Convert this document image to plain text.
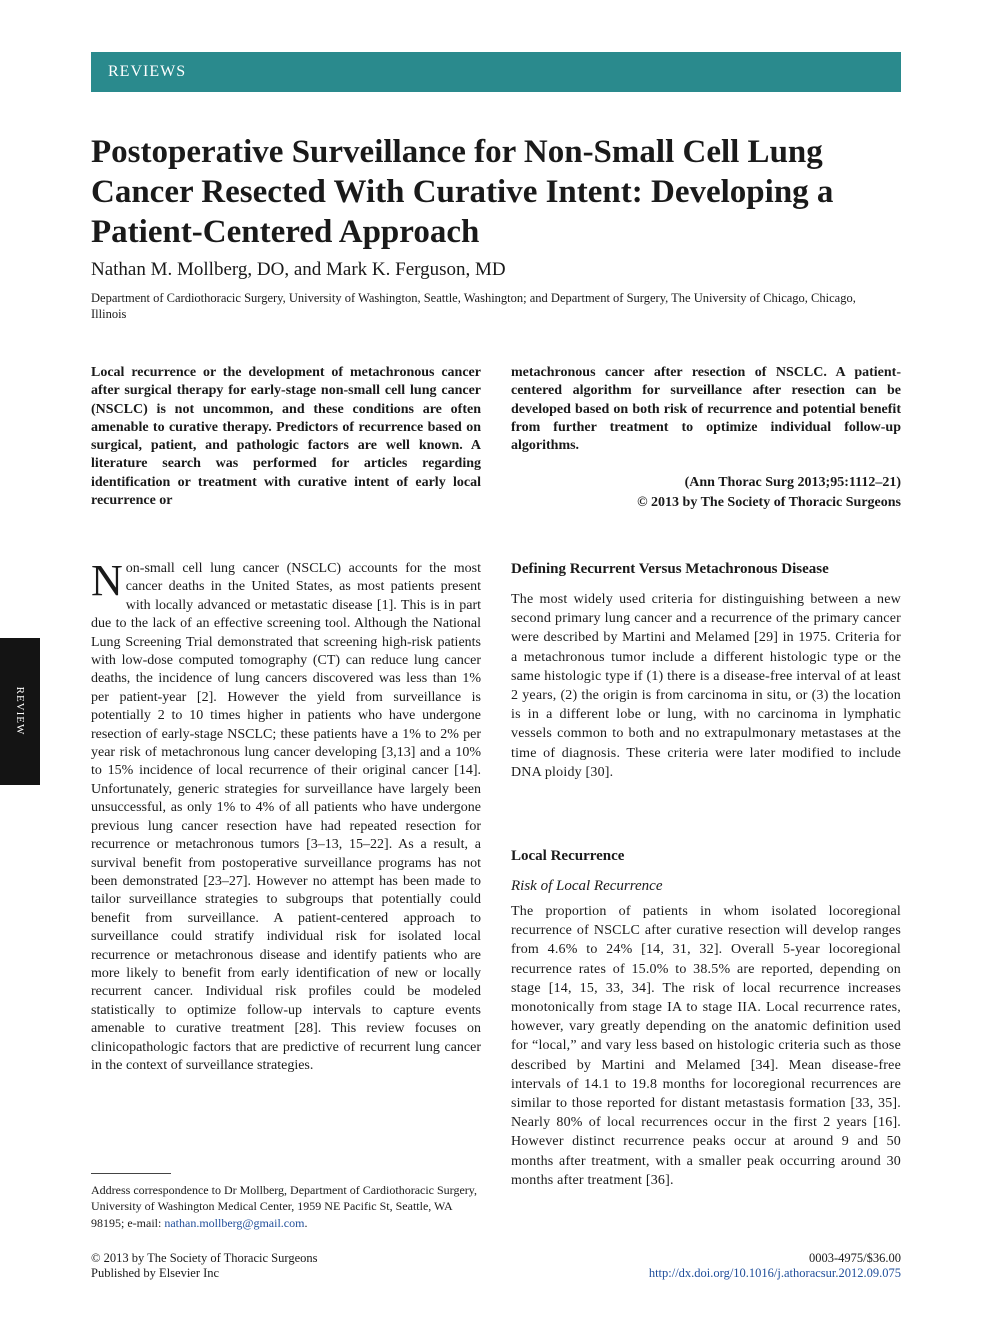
REVIEWS
REVIEW
Postoperative Surveillance for Non-Small Cell Lung Cancer Resected With Curative Intent: Developing a Patient-Centered Approach
Nathan M. Mollberg, DO, and Mark K. Ferguson, MD
Department of Cardiothoracic Surgery, University of Washington, Seattle, Washington; and Department of Surgery, The University of Chicago, Chicago, Illinois
Local recurrence or the development of metachronous cancer after surgical therapy for early-stage non-small cell lung cancer (NSCLC) is not uncommon, and these conditions are often amenable to curative therapy. Predictors of recurrence based on surgical, patient, and pathologic factors are well known. A literature search was performed for articles regarding identification or treatment with curative intent of early local recurrence or
metachronous cancer after resection of NSCLC. A patient-centered algorithm for surveillance after resection can be developed based on both risk of recurrence and potential benefit from further treatment to optimize individual follow-up algorithms.
(Ann Thorac Surg 2013;95:1112–21)
© 2013 by The Society of Thoracic Surgeons
Non-small cell lung cancer (NSCLC) accounts for the most cancer deaths in the United States, as most patients present with locally advanced or metastatic disease [1]. This is in part due to the lack of an effective screening tool. Although the National Lung Screening Trial demonstrated that screening high-risk patients with low-dose computed tomography (CT) can reduce lung cancer deaths, the incidence of lung cancers discovered was less than 1% per patient-year [2]. However the yield from surveillance is potentially 2 to 10 times higher in patients who have undergone resection of early-stage NSCLC; these patients have a 1% to 2% per year risk of metachronous lung cancer developing [3,13] and a 10% to 15% incidence of local recurrence of their original cancer [14]. Unfortunately, generic strategies for surveillance have largely been unsuccessful, as only 1% to 4% of all patients who have undergone previous lung cancer resection have had repeated resection for recurrence or metachronous tumors [3–13, 15–22]. As a result, a survival benefit from postoperative surveillance programs has not been demonstrated [23–27]. However no attempt has been made to tailor surveillance strategies to subgroups that potentially could benefit from surveillance. A patient-centered approach to surveillance could stratify individual risk for isolated local recurrence or metachronous disease and identify patients who are more likely to benefit from early identification of new or locally recurrent cancer. Individual risk profiles could be modeled statistically to optimize follow-up intervals to capture events amenable to curative treatment [28]. This review focuses on clinicopathologic factors that are predictive of recurrent lung cancer in the context of surveillance strategies.
Defining Recurrent Versus Metachronous Disease
The most widely used criteria for distinguishing between a new second primary lung cancer and a recurrence of the primary cancer were described by Martini and Melamed [29] in 1975. Criteria for a metachronous tumor include a different histologic type or the same histologic type if (1) there is a disease-free interval of at least 2 years, (2) the origin is from carcinoma in situ, or (3) the location is in a different lobe or lung, with no carcinoma in lymphatic vessels common to both and no extrapulmonary metastases at the time of diagnosis. These criteria were later modified to include DNA ploidy [30].
Local Recurrence
Risk of Local Recurrence
The proportion of patients in whom isolated locoregional recurrence of NSCLC after curative resection will develop ranges from 4.6% to 24% [14, 31, 32]. Overall 5-year locoregional recurrence rates of 15.0% to 38.5% are reported, depending on stage [14, 15, 33, 34]. The risk of local recurrence increases monotonically from stage IA to stage IIA. Local recurrence rates, however, vary greatly depending on the anatomic definition used for “local,” and vary less based on histologic criteria such as those described by Martini and Melamed [34]. Mean disease-free intervals of 14.1 to 19.8 months for locoregional recurrences are similar to those reported for distant metastasis formation [33, 35]. Nearly 80% of local recurrences occur in the first 2 years [16]. However distinct recurrence peaks occur at around 9 and 50 months after treatment, with a smaller peak occurring around 30 months after treatment [36].
Address correspondence to Dr Mollberg, Department of Cardiothoracic Surgery, University of Washington Medical Center, 1959 NE Pacific St, Seattle, WA 98195; e-mail: nathan.mollberg@gmail.com.
© 2013 by The Society of Thoracic Surgeons
Published by Elsevier Inc
0003-4975/$36.00
http://dx.doi.org/10.1016/j.athoracsur.2012.09.075
